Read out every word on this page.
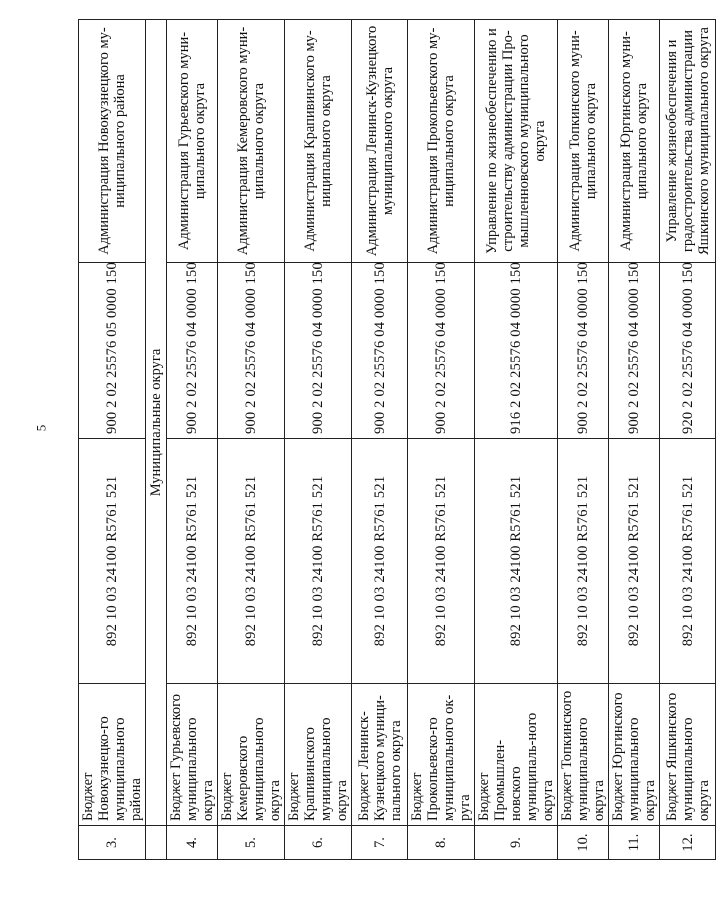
5
3.	Бюджет Новокузнецко-го муниципального района	892 10 03 24100 R5761 521	900 2 02 25576 05 0000 150	Администрация Новокузнецкого му-ниципального района
	Муниципальные округа			
4.	Бюджет Гурьевского муниципального округа	892 10 03 24100 R5761 521	900 2 02 25576 04 0000 150	Администрация Гурьевского муни-ципального округа
5.	Бюджет Кемеровского муниципального округа	892 10 03 24100 R5761 521	900 2 02 25576 04 0000 150	Администрация Кемеровского муни-ципального округа
6.	Бюджет Крапивинского муниципального округа	892 10 03 24100 R5761 521	900 2 02 25576 04 0000 150	Администрация Крапивинского му-ниципального округа
7.	Бюджет Ленинск-Кузнецкого муници-пального округа	892 10 03 24100 R5761 521	900 2 02 25576 04 0000 150	Администрация Ленинск-Кузнецкого муниципального округа
8.	Бюджет Прокопьевско-го муниципального ок-руга	892 10 03 24100 R5761 521	900 2 02 25576 04 0000 150	Администрация Прокопьевского му-ниципального округа
9.	Бюджет Промышлен-новского муниципаль-ного округа	892 10 03 24100 R5761 521	916 2 02 25576 04 0000 150	Управление по жизнеобеспечению и строительству администрации Про-мышленновского муниципального округа
10.	Бюджет Топкинского муниципального округа	892 10 03 24100 R5761 521	900 2 02 25576 04 0000 150	Администрация Топкинского муни-ципального округа
11.	Бюджет Юргинского муниципального округа	892 10 03 24100 R5761 521	900 2 02 25576 04 0000 150	Администрация Юргинского муни-ципального округа
12.	Бюджет Яшкинского муниципального округа	892 10 03 24100 R5761 521	920 2 02 25576 04 0000 150	Управление жизнеобеспечения и градостроительства администрации Яшкинского муниципального округа
